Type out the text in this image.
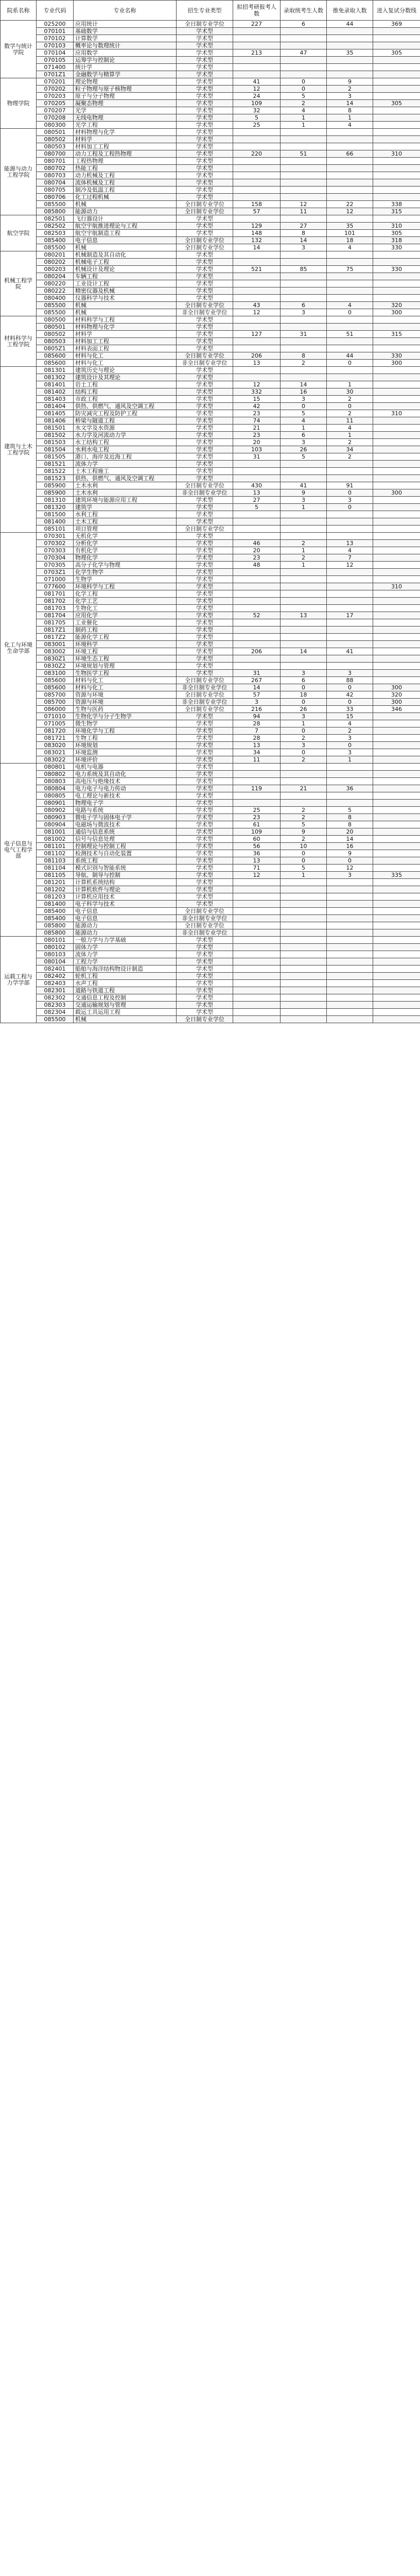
院系名称	专业代码	专业名称	招生专业类型	拟招考研报考人数	录取统考生人数	推免录取人数	进入复试分数线
数学与统计学院	025200	应用统计	全日制专业学位	227	6	44	369
	070101	基础数学	学术型				
	070102	计算数学	学术型				
	070103	概率论与数理统计	学术型				
	070104	应用数学	学术型	213	47	35	305
	070105	运筹学与控制论	学术型				
	071400	统计学	学术型				
	0701Z1	金融数学与精算学	学术型				
物理学院	070201	理论物理	学术型	41	0	9	
	070202	粒子物理与原子核物理	学术型	12	0	2	
	070203	原子与分子物理	学术型	24	5	3	
	070205	凝聚态物理	学术型	109	2	14	305
	070207	光学	学术型	32	4	8	
	070208	无线电物理	学术型	5	1	1	
	080300	光学工程	学术型	25	1	4	
能源与动力工程学院	080501	材料物理与化学	学术型				
	080502	材料学	学术型				
	080503	材料加工工程	学术型				
	080700	动力工程及工程热物理	学术型	220	51	66	310
	080701	工程热物理	学术型				
	080702	热能工程	学术型				
	080703	动力机械及工程	学术型				
	080704	流体机械及工程	学术型				
	080705	制冷及低温工程	学术型				
	080706	化工过程机械	学术型				
	085500	机械	全日制专业学位	158	12	22	338
	085800	能源动力	全日制专业学位	57	11	12	315
航空学院	082501	飞行器设计	学术型				
	082502	航空宇航推进理论与工程	学术型	129	27	35	310
	082503	航空宇航制造工程	学术型	148	8	101	305
	085400	电子信息	全日制专业学位	132	14	18	318
	085500	机械	全日制专业学位	14	3	4	330
机械工程学院	080201	机械制造及其自动化	学术型				
	080202	机械电子工程	学术型				
	080203	机械设计及理论	学术型	521	85	75	330
	080204	车辆工程	学术型				
	080220	工业设计工程	学术型				
	080222	精密仪器及机械	学术型				
	080400	仪器科学与技术	学术型				
	085500	机械	全日制专业学位	43	6	4	320
	085500	机械	非全日制专业学位	12	3	0	300
材料科学与工程学院	080500	材料科学与工程	学术型				
	080501	材料物理与化学	学术型				
	080502	材料学	学术型	127	31	51	315
	080503	材料加工工程	学术型				
	0805Z1	材料表面工程	学术型				
	085600	材料与化工	全日制专业学位	206	8	44	330
	085600	材料与化工	非全日制专业学位	13	2	0	300
建筑与土木工程学院	081301	建筑历史与理论	学术型				
	081302	建筑设计及其理论	学术型				
	081401	岩土工程	学术型	12	14	1	
	081402	结构工程	学术型	332	16	30	
	081403	市政工程	学术型	15	3	2	
	081404	供热、供燃气、通风及空调工程	学术型	42	0	0	
	081405	防灾减灾工程及防护工程	学术型	23	5	2	310
	081406	桥梁与隧道工程	学术型	74	4	11	
	081501	水文学及水资源	学术型	21	1	4	
	081502	水力学及河流动力学	学术型	23	6	1	
	081503	水工结构工程	学术型	20	3	2	
	081504	水利水电工程	学术型	103	26	34	
	081505	港口、海岸及近海工程	学术型	31	5	2	
	081521	流体力学	学术型				
	081522	土木工程施工	学术型				
	081523	供热、供燃气、通风及空调工程	学术型				
	085900	土木水利	全日制专业学位	430	41	91	
	085900	土木水利	非全日制专业学位	13	9	0	300
	081310	建筑环境与能源应用工程	学术型	27	3	3	
	081320	建筑学	学术型	5	1	0	
	081500	水利工程	学术型				
	081400	土木工程	学术型				
	085101	项目管理	全日制专业学位				
化工与环境生命学部	070301	无机化学	学术型				
	070302	分析化学	学术型	46	2	13	
	070303	有机化学	学术型	20	1	4	
	070304	物理化学	学术型	23	2	7	
	070305	高分子化学与物理	学术型	48	1	12	
	0703Z1	化学生物学	学术型				
	071000	生物学	学术型				
	077600	环境科学与工程	学术型				310
	081701	化学工程	学术型				
	081702	化学工艺	学术型				
	081703	生物化工	学术型				
	081704	应用化学	学术型	52	13	17	
	081705	工业催化	学术型				
	0817Z1	制药工程	学术型				
	0817Z2	能源化学工程	学术型				
	083001	环境科学	学术型				
	083002	环境工程	学术型	206	14	41	
	0830Z1	环境生态工程	学术型				
	0830Z2	环境规划与管理	学术型				
	083100	生物医学工程	学术型	31	3	3	
	085600	材料与化工	全日制专业学位	267	6	88	
	085600	材料与化工	非全日制专业学位	14	0	0	300
	085700	资源与环境	全日制专业学位	57	18	42	320
	085700	资源与环境	非全日制专业学位	3	0	0	300
	086000	生物与医药	全日制专业学位	216	26	33	346
	071010	生物化学与分子生物学	学术型	94	3	15	
	071005	微生物学	学术型	28	1	4	
	081720	环境化学与工程	学术型	7	0	2	
	081721	生物工程	学术型	28	2	3	
	083020	环境规划	学术型	13	3	0	
	083021	环境监测	学术型	34	0	3	
	083022	环境评价	学术型	11	2	1	
电子信息与电气工程学部	080801	电机与电器	学术型				
	080802	电力系统及其自动化	学术型				
	080803	高电压与绝缘技术	学术型				
	080804	电力电子与电力传动	学术型	119	21	36	
	080805	电工理论与新技术	学术型				
	080901	物理电子学	学术型				
	080902	电路与系统	学术型	25	2	5	
	080903	微电子学与固体电子学	学术型	23	2	8	
	080904	电磁场与微波技术	学术型	61	5	8	
	081001	通信与信息系统	学术型	109	9	20	
	081002	信号与信息处理	学术型	60	2	14	
	081101	控制理论与控制工程	学术型	56	10	16	
	081102	检测技术与自动化装置	学术型	36	0	9	
	081103	系统工程	学术型	13	0	0	
	081104	模式识别与智能系统	学术型	71	5	12	
	081105	导航、制导与控制	学术型	12	1	3	335
	081201	计算机系统结构	学术型				
	081202	计算机软件与理论	学术型				
	081203	计算机应用技术	学术型				
	081400	电子科学与技术	学术型				
	085400	电子信息	全日制专业学位				
	085400	电子信息	非全日制专业学位				
	085800	能源动力	全日制专业学位				
	085800	能源动力	非全日制专业学位				
运载工程与力学学部	080101	一般力学与力学基础	学术型				
	080102	固体力学	学术型				
	080103	流体力学	学术型				
	080104	工程力学	学术型				
	082401	船舶与海洋结构物设计制造	学术型				
	082402	轮机工程	学术型				
	082403	水声工程	学术型				
	082301	道路与铁道工程	学术型				
	082302	交通信息工程及控制	学术型				
	082303	交通运输规划与管理	学术型				
	082304	载运工具运用工程	学术型				
	085500	机械	全日制专业学位				
